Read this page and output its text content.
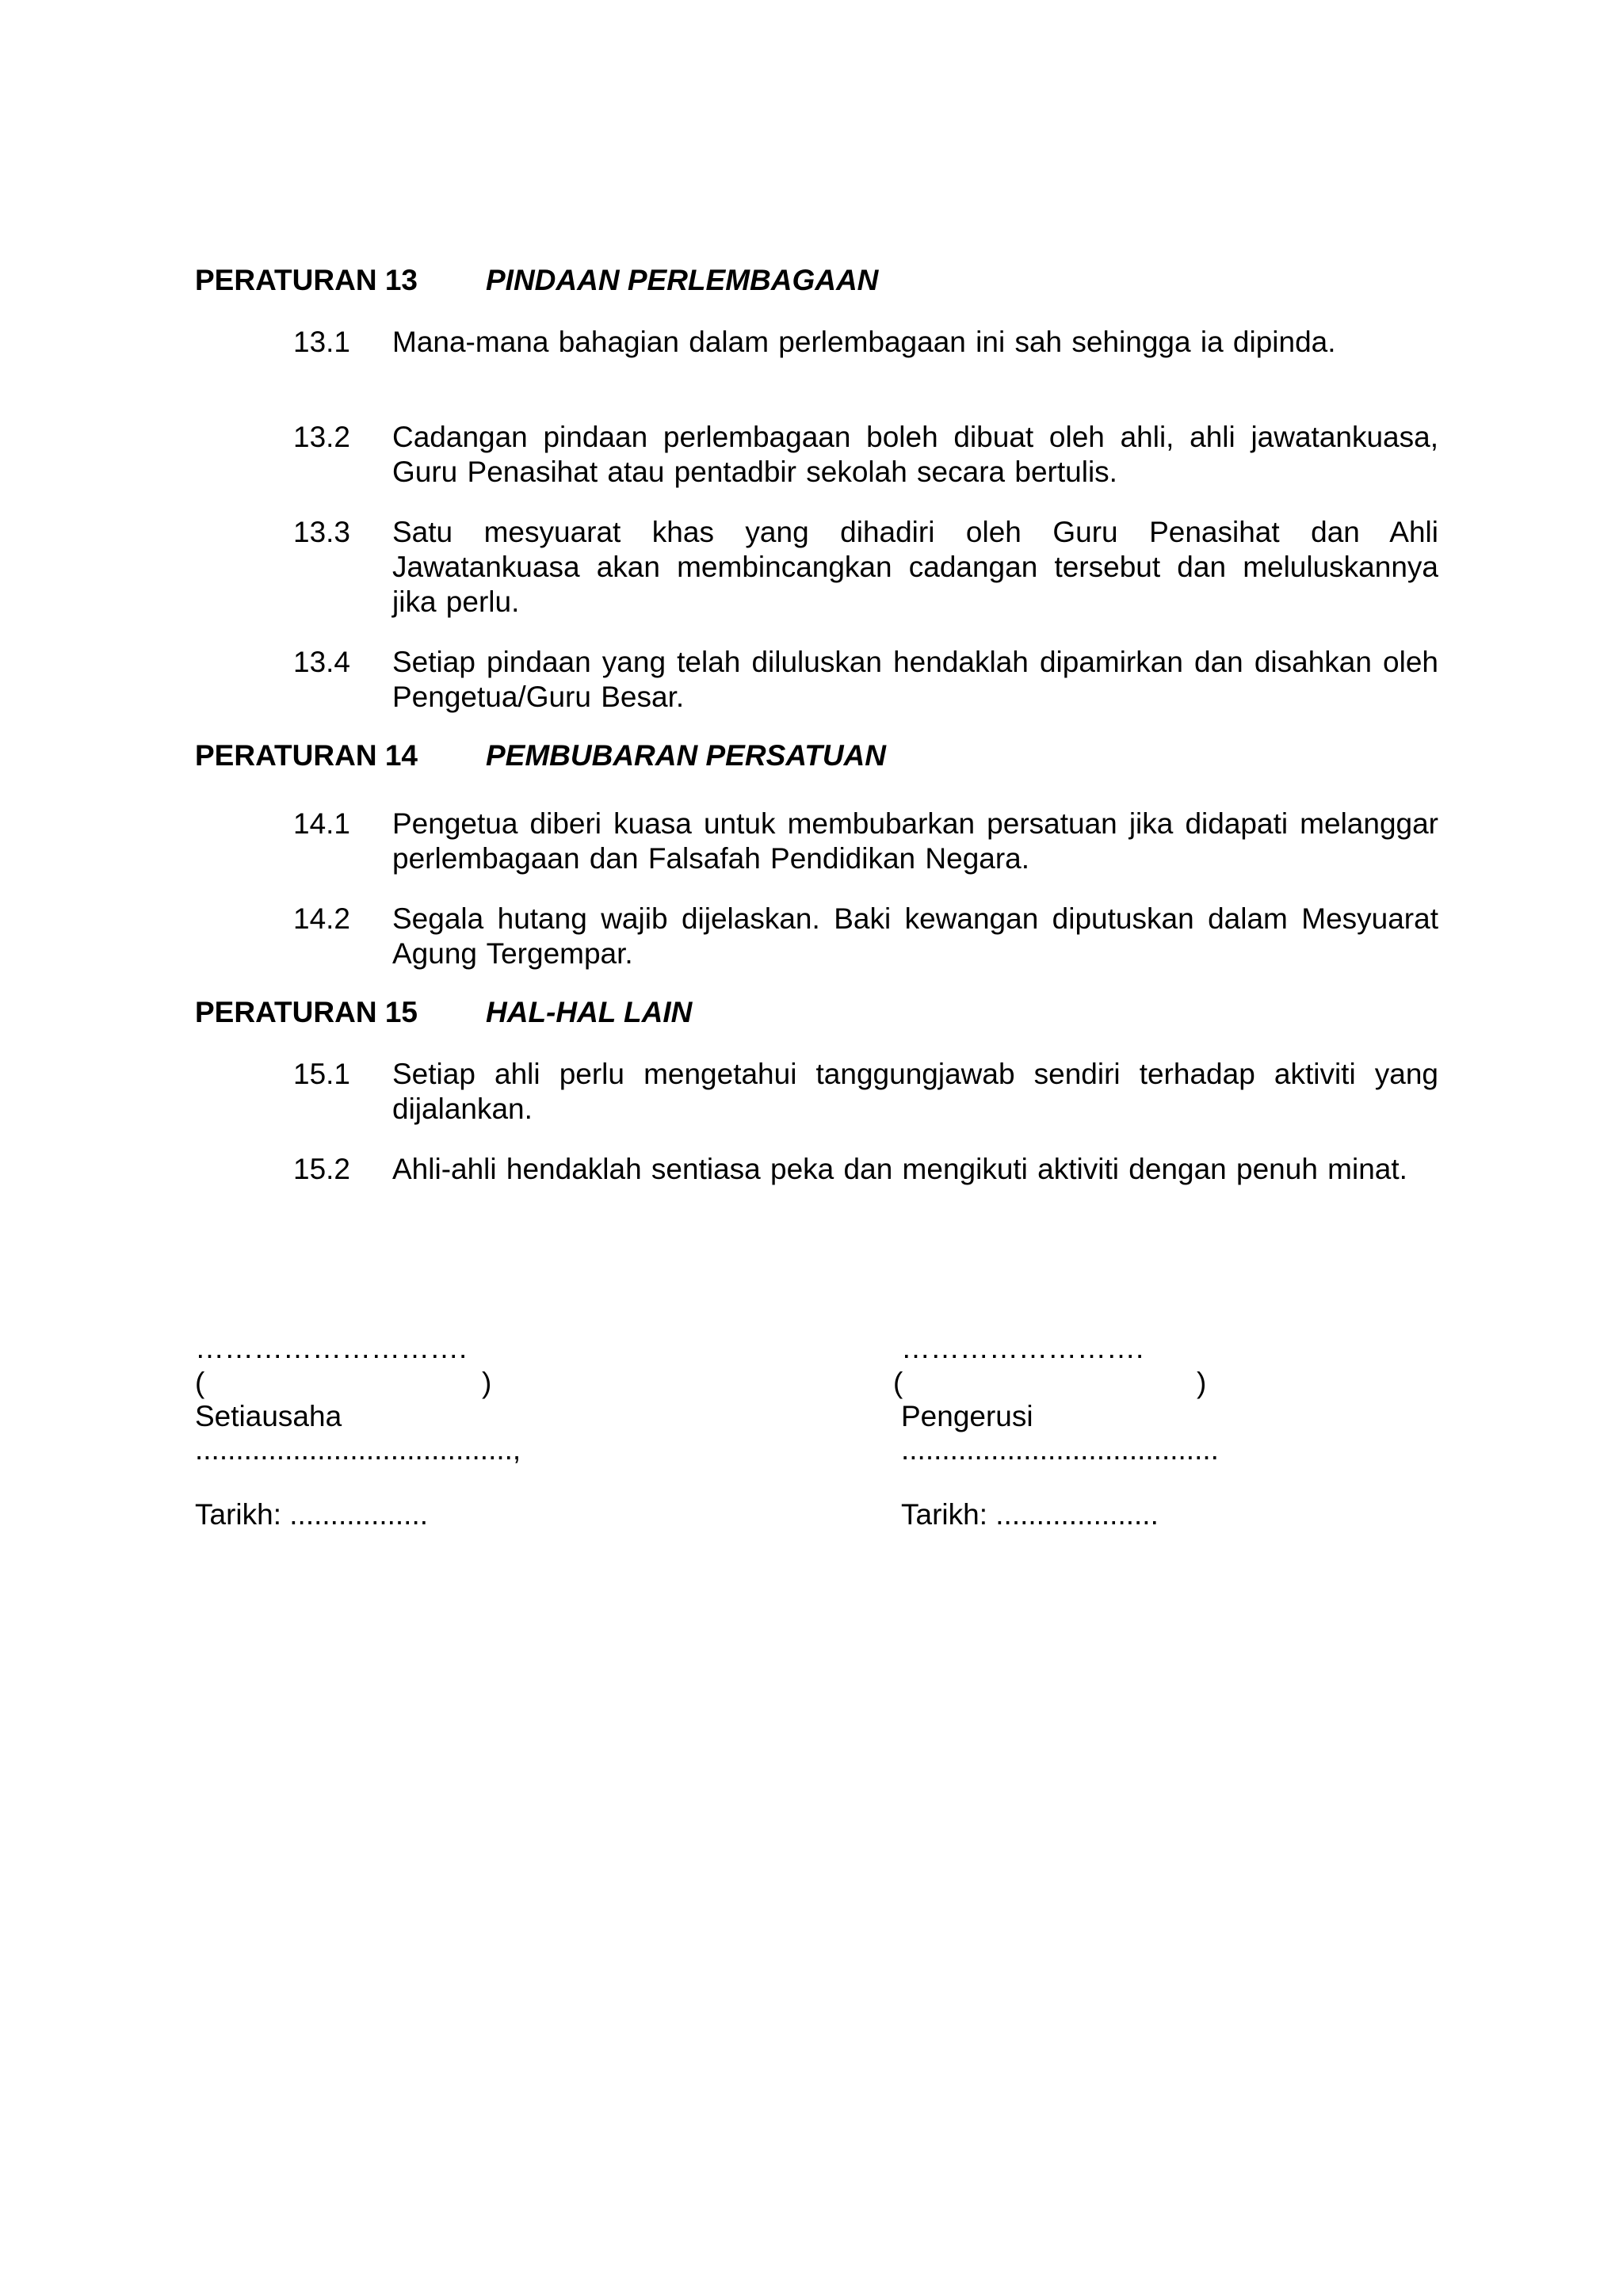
PERATURAN 13 PINDAAN PERLEMBAGAAN
13.1 Mana-mana bahagian dalam perlembagaan ini sah sehingga ia dipinda.
13.2 Cadangan pindaan perlembagaan boleh dibuat oleh ahli, ahli jawatankuasa, Guru Penasihat atau pentadbir sekolah secara bertulis.
13.3 Satu mesyuarat khas yang dihadiri oleh Guru Penasihat dan Ahli Jawatankuasa akan membincangkan cadangan tersebut dan meluluskannya jika perlu.
13.4 Setiap pindaan yang telah diluluskan hendaklah dipamirkan dan disahkan oleh Pengetua/Guru Besar.
PERATURAN 14 PEMBUBARAN PERSATUAN
14.1 Pengetua diberi kuasa untuk membubarkan persatuan jika didapati melanggar perlembagaan dan Falsafah Pendidikan Negara.
14.2 Segala hutang wajib dijelaskan. Baki kewangan diputuskan dalam Mesyuarat Agung Tergempar.
PERATURAN 15 HAL-HAL LAIN
15.1 Setiap ahli perlu mengetahui tanggungjawab sendiri terhadap aktiviti yang dijalankan.
15.2 Ahli-ahli hendaklah sentiasa peka dan mengikuti aktiviti dengan penuh minat.
……………………….
(	)
Setiausaha
.......................................,
Tarikh: .................
…………………….
(	)
Pengerusi
.......................................
Tarikh: ....................
